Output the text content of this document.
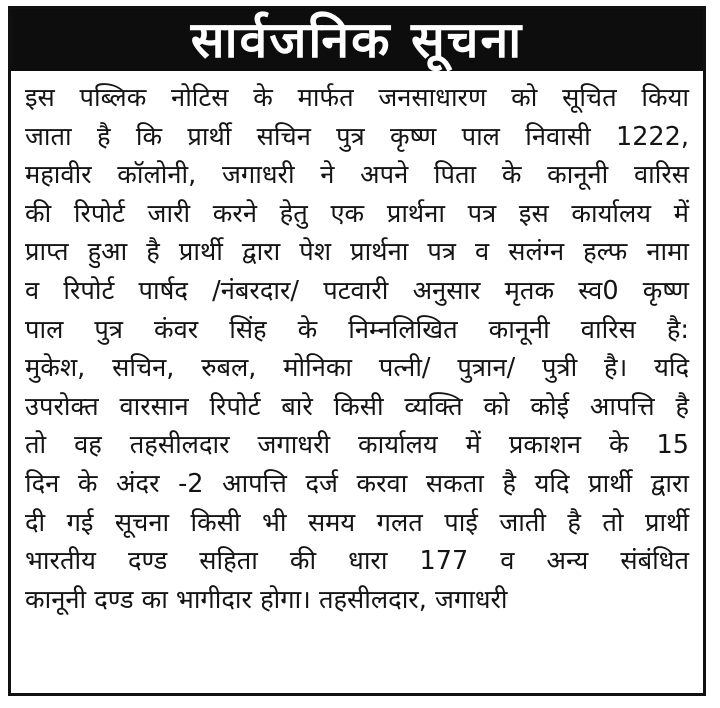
सार्वजनिक सूचना
इस पब्लिक नोटिस के मार्फत जनसाधारण को सूचित किया
जाता है कि प्रार्थी सचिन पुत्र कृष्ण पाल निवासी 1222,
महावीर कॉलोनी, जगाधरी ने अपने पिता के कानूनी वारिस
की रिपोर्ट जारी करने हेतु एक प्रार्थना पत्र इस कार्यालय में
प्राप्त हुआ है प्रार्थी द्वारा पेश प्रार्थना पत्र व सलंग्न हल्फ नामा
व रिपोर्ट पार्षद /नंबरदार/ पटवारी अनुसार मृतक स्व0 कृष्ण
पाल पुत्र कंवर सिंह के निम्नलिखित कानूनी वारिस है:
मुकेश, सचिन, रुबल, मोनिका पत्नी/ पुत्रान/ पुत्री है। यदि
उपरोक्त वारसान रिपोर्ट बारे किसी व्यक्ति को कोई आपत्ति है
तो वह तहसीलदार जगाधरी कार्यालय में प्रकाशन के 15
दिन के अंदर -2 आपत्ति दर्ज करवा सकता है यदि प्रार्थी द्वारा
दी गई सूचना किसी भी समय गलत पाई जाती है तो प्रार्थी
भारतीय दण्ड सहिता की धारा 177 व अन्य संबंधित
कानूनी दण्ड का भागीदार होगा। तहसीलदार, जगाधरी
